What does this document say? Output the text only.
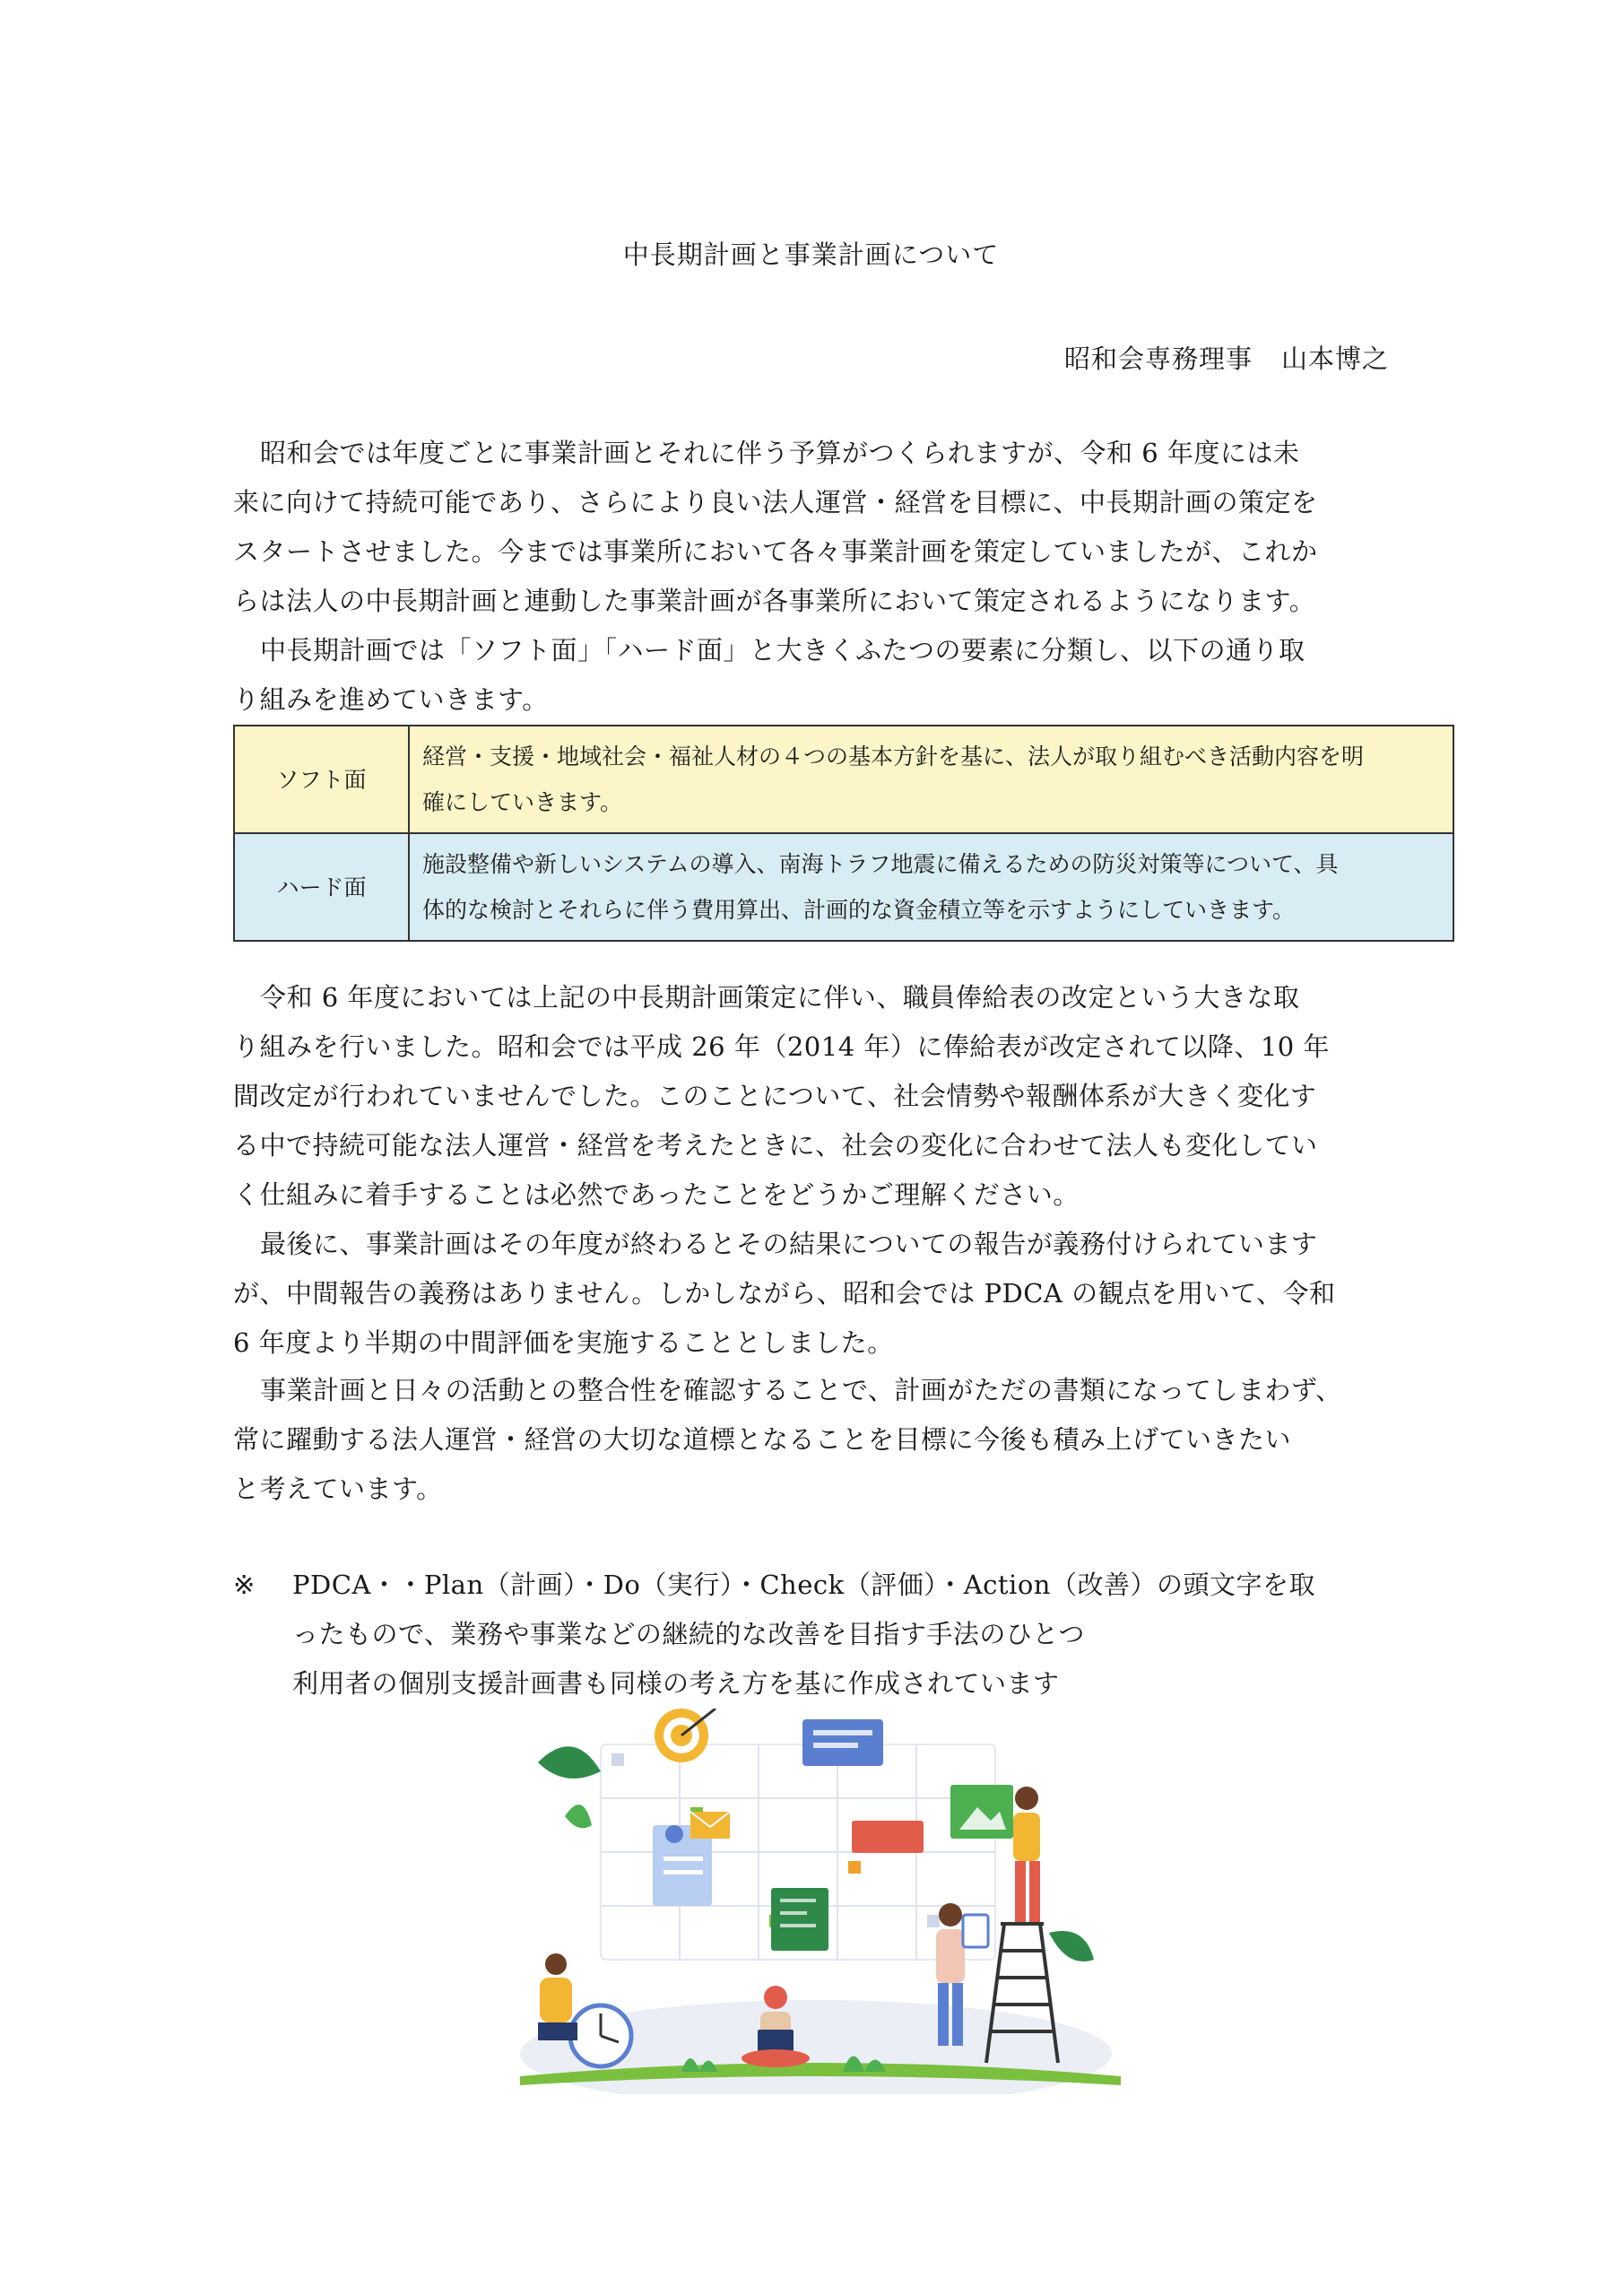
中長期計画と事業計画について
昭和会専務理事 山本博之
昭和会では年度ごとに事業計画とそれに伴う予算がつくられますが、令和 6 年度には未
来に向けて持続可能であり、さらにより良い法人運営・経営を目標に、中長期計画の策定を
スタートさせました。今までは事業所において各々事業計画を策定していましたが、これか
らは法人の中長期計画と連動した事業計画が各事業所において策定されるようになります。
中長期計画では「ソフト面」「ハード面」と大きくふたつの要素に分類し、以下の通り取
り組みを進めていきます。
ソフト面	経営・支援・地域社会・福祉人材の４つの基本方針を基に、法人が取り組むべき活動内容を明
確にしていきます。

ハード面	施設整備や新しいシステムの導入、南海トラフ地震に備えるための防災対策等について、具
体的な検討とそれらに伴う費用算出、計画的な資金積立等を示すようにしていきます。
令和 6 年度においては上記の中長期計画策定に伴い、職員俸給表の改定という大きな取
り組みを行いました。昭和会では平成 26 年（2014 年）に俸給表が改定されて以降、10 年
間改定が行われていませんでした。このことについて、社会情勢や報酬体系が大きく変化す
る中で持続可能な法人運営・経営を考えたときに、社会の変化に合わせて法人も変化してい
く仕組みに着手することは必然であったことをどうかご理解ください。
最後に、事業計画はその年度が終わるとその結果についての報告が義務付けられています
が、中間報告の義務はありません。しかしながら、昭和会では PDCA の観点を用いて、令和
6 年度より半期の中間評価を実施することとしました。
事業計画と日々の活動との整合性を確認することで、計画がただの書類になってしまわず、
常に躍動する法人運営・経営の大切な道標となることを目標に今後も積み上げていきたい
と考えています。
※ PDCA・・Plan（計画）・Do（実行）・Check（評価）・Action（改善）の頭文字を取
ったもので、業務や事業などの継続的な改善を目指す手法のひとつ
利用者の個別支援計画書も同様の考え方を基に作成されています
